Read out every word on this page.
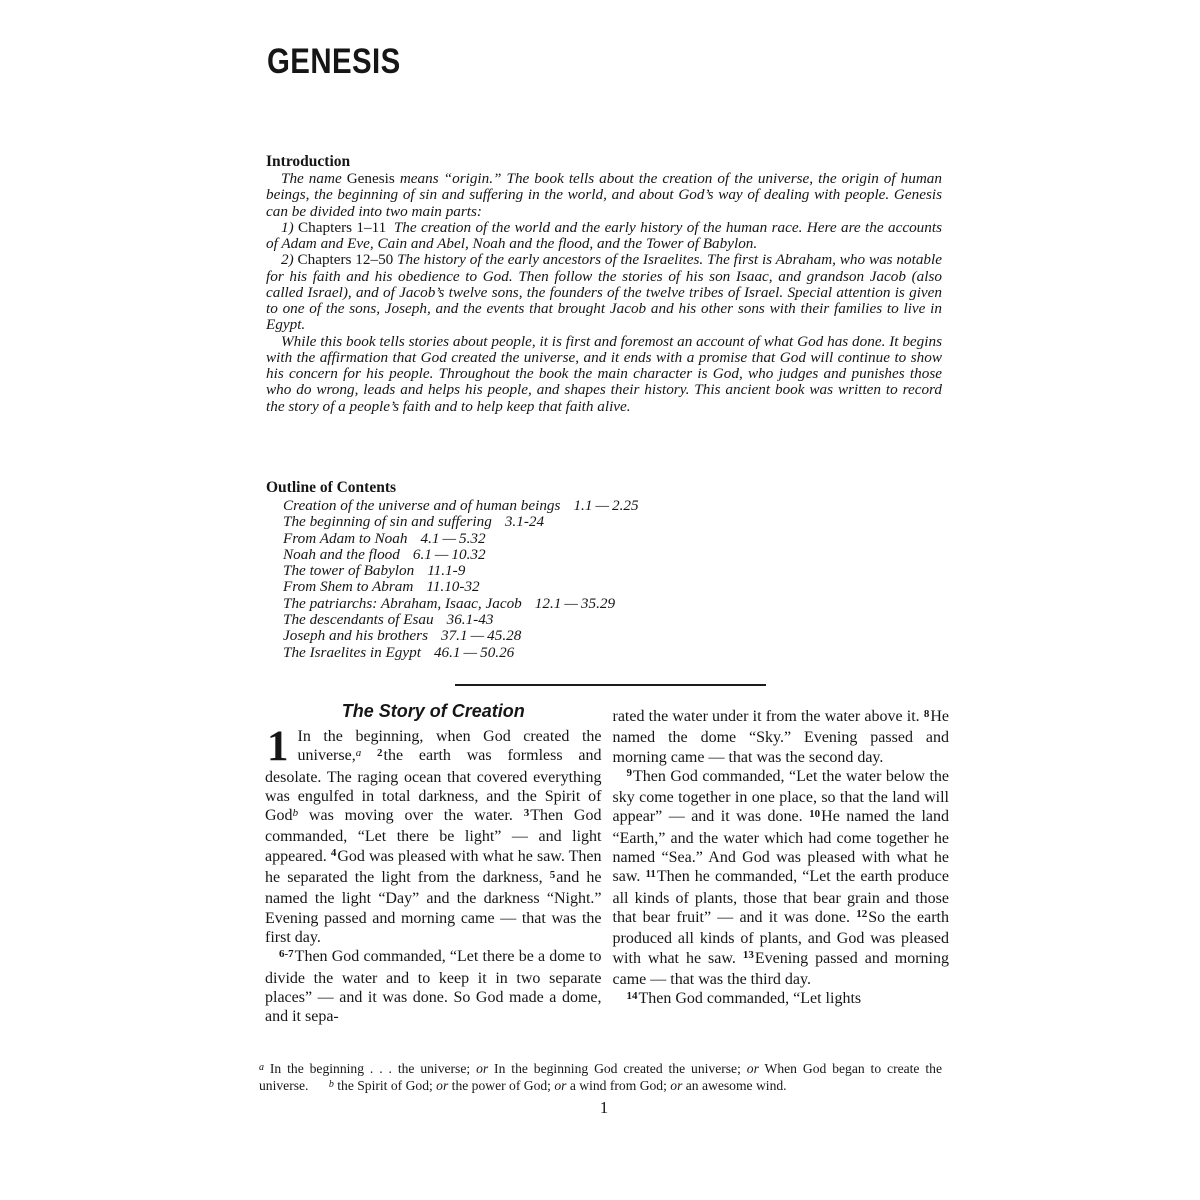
GENESIS
Introduction

The name Genesis means “origin.” The book tells about the creation of the universe, the origin of human beings, the beginning of sin and suffering in the world, and about God’s way of dealing with people. Genesis can be divided into two main parts:

1) Chapters 1–11 The creation of the world and the early history of the human race. Here are the accounts of Adam and Eve, Cain and Abel, Noah and the flood, and the Tower of Babylon.

2) Chapters 12–50 The history of the early ancestors of the Israelites. The first is Abraham, who was notable for his faith and his obedience to God. Then follow the stories of his son Isaac, and grandson Jacob (also called Israel), and of Jacob’s twelve sons, the founders of the twelve tribes of Israel. Special attention is given to one of the sons, Joseph, and the events that brought Jacob and his other sons with their families to live in Egypt.

While this book tells stories about people, it is first and foremost an account of what God has done. It begins with the affirmation that God created the universe, and it ends with a promise that God will continue to show his concern for his people. Throughout the book the main character is God, who judges and punishes those who do wrong, leads and helps his people, and shapes their history. This ancient book was written to record the story of a people’s faith and to help keep that faith alive.

Outline of Contents
Creation of the universe and of human beings 1.1 — 2.25
The beginning of sin and suffering 3.1-24
From Adam to Noah 4.1 — 5.32
Noah and the flood 6.1 — 10.32
The tower of Babylon 11.1-9
From Shem to Abram 11.10-32
The patriarchs: Abraham, Isaac, Jacob 12.1 — 35.29
The descendants of Esau 36.1-43
Joseph and his brothers 37.1 — 45.28
The Israelites in Egypt 46.1 — 50.26
The Story of Creation

1 In the beginning, when God created the universe,$^a$ $^2$the earth was formless and desolate. The raging ocean that covered everything was engulfed in total darkness, and the Spirit of God$^b$ was moving over the water. $^3$Then God commanded, “Let there be light” — and light appeared. $^4$God was pleased with what he saw. Then he separated the light from the darkness, $^5$and he named the light “Day” and the darkness “Night.” Evening passed and morning came — that was the first day.

$^{6-7}$Then God commanded, “Let there be a dome to divide the water and to keep it in two separate places” — and it was done. So God made a dome, and it sepa-

rated the water under it from the water above it. $^8$He named the dome “Sky.” Evening passed and morning came — that was the second day.

$^9$Then God commanded, “Let the water below the sky come together in one place, so that the land will appear” — and it was done. $^{10}$He named the land “Earth,” and the water which had come together he named “Sea.” And God was pleased with what he saw. $^{11}$Then he commanded, “Let the earth produce all kinds of plants, those that bear grain and those that bear fruit” — and it was done. $^{12}$So the earth produced all kinds of plants, and God was pleased with what he saw. $^{13}$Evening passed and morning came — that was the third day.

$^{14}$Then God commanded, “Let lights

$^a$ In the beginning . . . the universe; or In the beginning God created the universe; or When God began to create the universe.  $^b$ the Spirit of God; or the power of God; or a wind from God; or an awesome wind.

1
